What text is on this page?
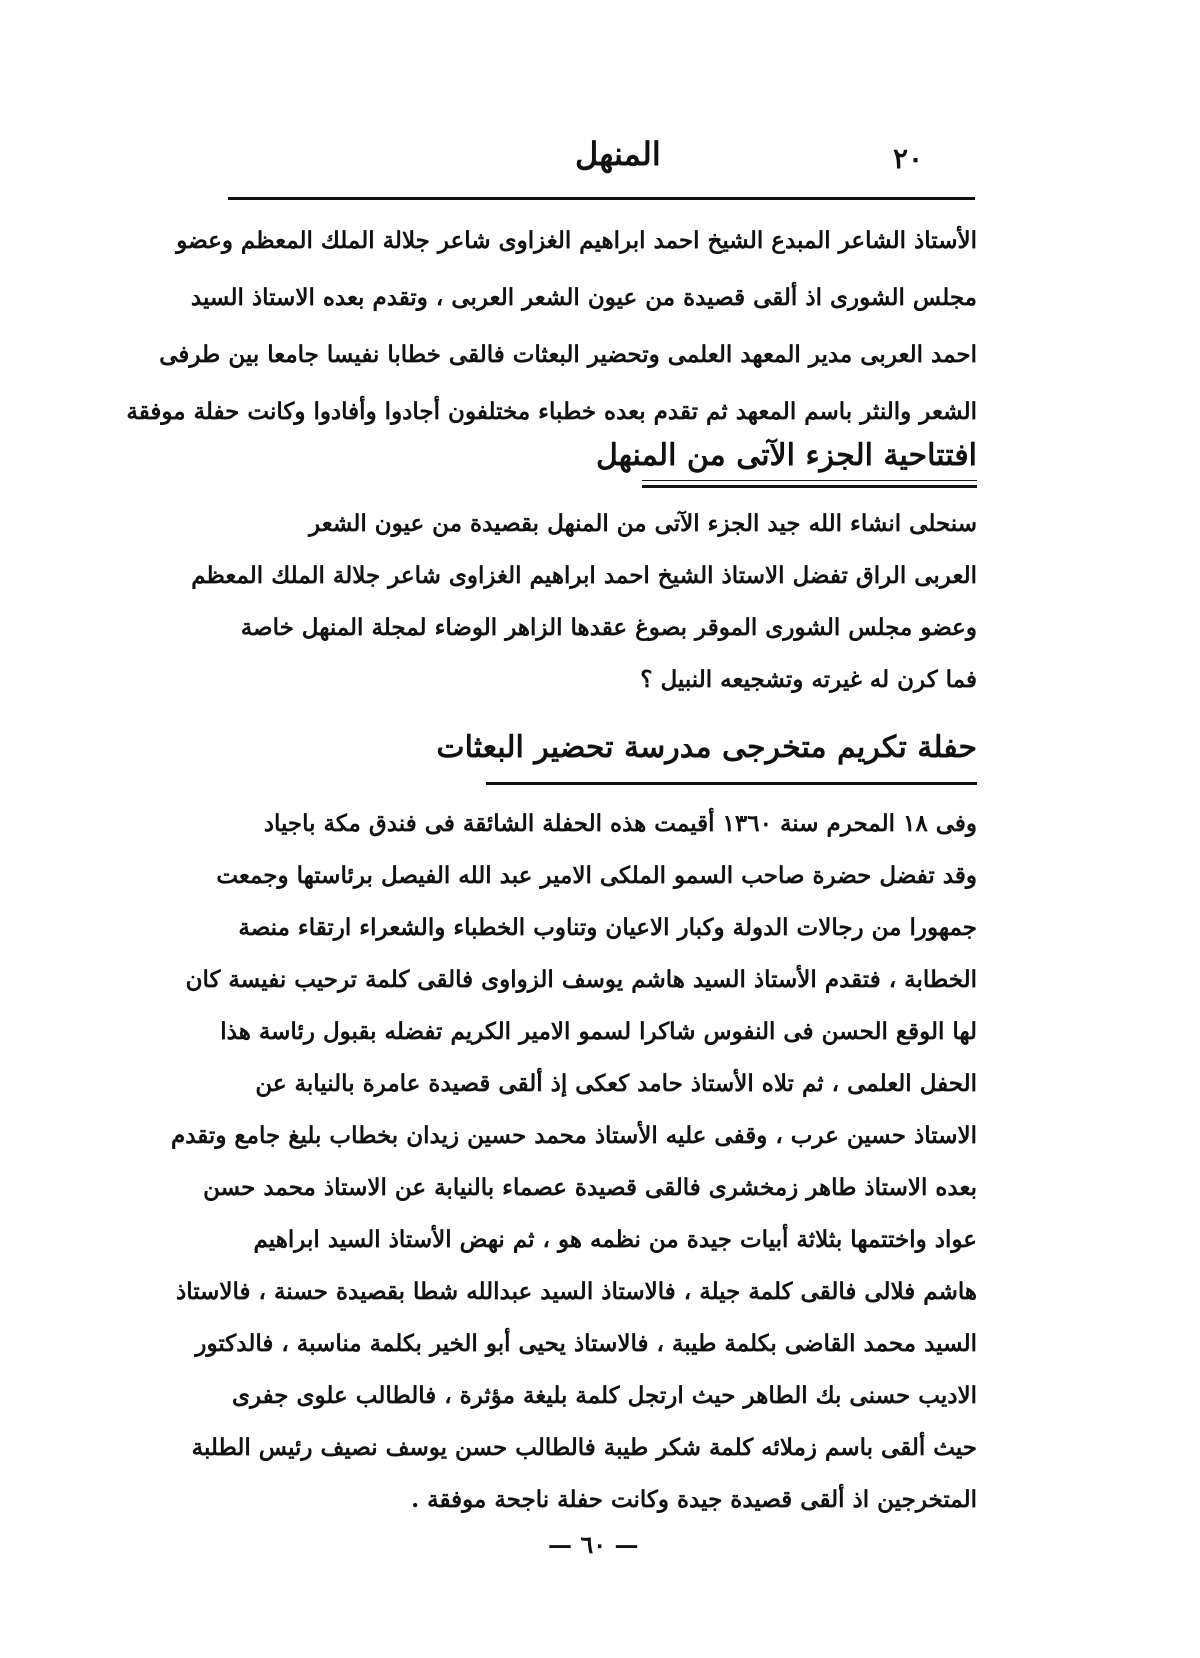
٢٠
المنهل

الأستاذ الشاعر المبدع الشيخ احمد ابراهيم الغزاوى شاعر جلالة الملك المعظم وعضو

مجلس الشورى اذ ألقى قصيدة من عيون الشعر العربى ، وتقدم بعده الاستاذ السيد

احمد العربى مدير المعهد العلمى وتحضير البعثات فالقى خطابا نفيسا جامعا بين طرفى

الشعر والنثر باسم المعهد ثم تقدم بعده خطباء مختلفون أجادوا وأفادوا وكانت حفلة موفقة

افتتاحية الجزء الآتى من المنهل

سنحلى انشاء الله جيد الجزء الآتى من المنهل بقصيدة من عيون الشعر

العربى الراق تفضل الاستاذ الشيخ احمد ابراهيم الغزاوى شاعر جلالة الملك المعظم

وعضو مجلس الشورى الموقر بصوغ عقدها الزاهر الوضاء لمجلة المنهل خاصة

فما كرن له غيرته وتشجيعه النبيل ؟

حفلة تكريم متخرجى مدرسة تحضير البعثات

وفى ١٨ المحرم سنة ١٣٦٠ أقيمت هذه الحفلة الشائقة فى فندق مكة باجياد

وقد تفضل حضرة صاحب السمو الملكى الامير عبد الله الفيصل برئاستها وجمعت

جمهورا من رجالات الدولة وكبار الاعيان وتناوب الخطباء والشعراء ارتقاء منصة

الخطابة ، فتقدم الأستاذ السيد هاشم يوسف الزواوى فالقى كلمة ترحيب نفيسة كان

لها الوقع الحسن فى النفوس شاكرا لسمو الامير الكريم تفضله بقبول رئاسة هذا

الحفل العلمى ، ثم تلاه الأستاذ حامد كعكى إذ ألقى قصيدة عامرة بالنيابة عن

الاستاذ حسين عرب ، وقفى عليه الأستاذ محمد حسين زيدان بخطاب بليغ جامع وتقدم

بعده الاستاذ طاهر زمخشرى فالقى قصيدة عصماء بالنيابة عن الاستاذ محمد حسن

عواد واختتمها بثلاثة أبيات جيدة من نظمه هو ، ثم نهض الأستاذ السيد ابراهيم

هاشم فلالى فالقى كلمة جيلة ، فالاستاذ السيد عبدالله شطا بقصيدة حسنة ، فالاستاذ

السيد محمد القاضى بكلمة طيبة ، فالاستاذ يحيى أبو الخير بكلمة مناسبة ، فالدكتور

الاديب حسنى بك الطاهر حيث ارتجل كلمة بليغة مؤثرة ، فالطالب علوى جفرى

حيث ألقى باسم زملائه كلمة شكر طيبة فالطالب حسن يوسف نصيف رئيس الطلبة

المتخرجين اذ ألقى قصيدة جيدة وكانت حفلة ناجحة موفقة .

— ٦٠ —
